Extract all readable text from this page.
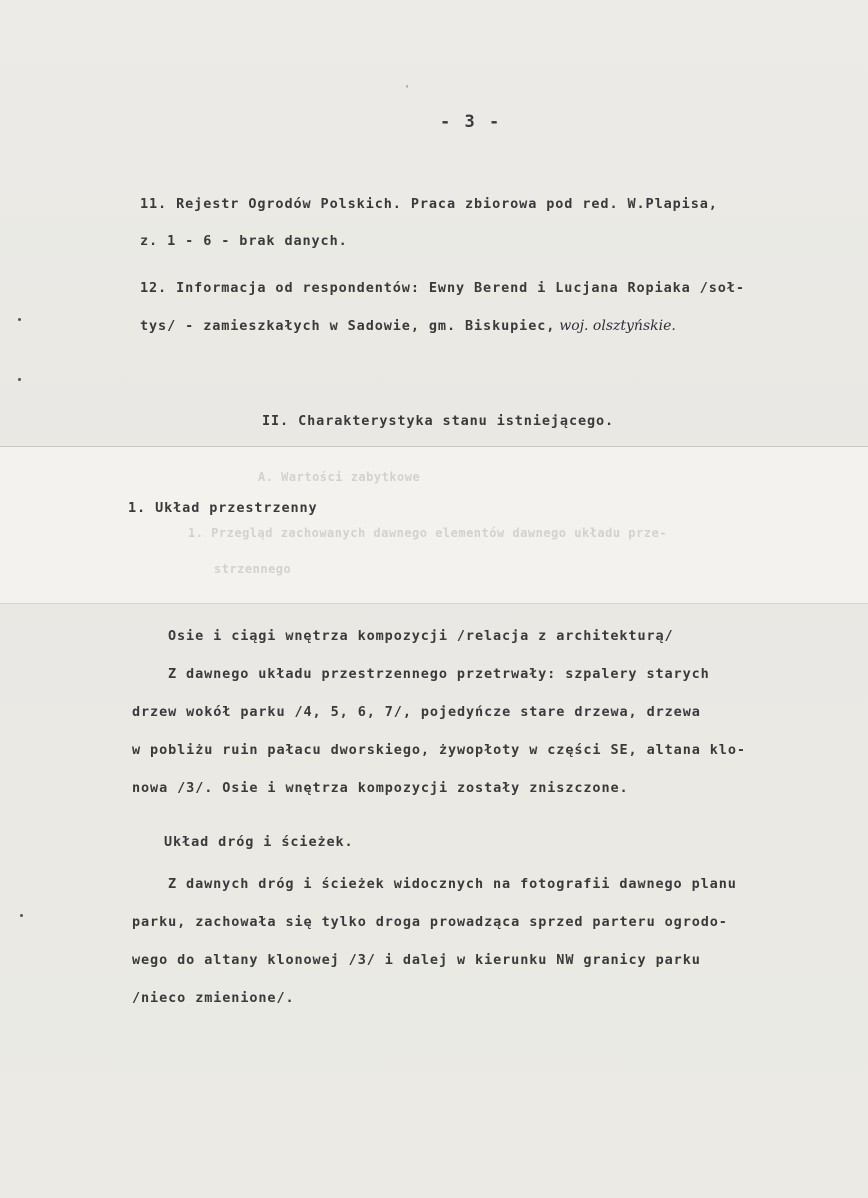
A. Wartości zabytkowe
1. Przegląd zachowanych dawnego elementów dawnego układu prze-
strzennego
- 3 -
11. Rejestr Ogrodów Polskich. Praca zbiorowa pod red. W.Plapisa,
z. 1 - 6 - brak danych.
12. Informacja od respondentów: Ewny Berend i Lucjana Ropiaka /soł-
tys/ - zamieszkałych w Sadowie, gm. Biskupiec, woj. olsztyńskie.
II. Charakterystyka stanu istniejącego.
1. Układ przestrzenny
Osie i ciągi wnętrza kompozycji /relacja z architekturą/
Z dawnego układu przestrzennego przetrwały: szpalery starych
drzew wokół parku /4, 5, 6, 7/, pojedyńcze stare drzewa, drzewa
w pobliżu ruin pałacu dworskiego, żywopłoty w części SE, altana klo-
nowa /3/. Osie i wnętrza kompozycji zostały zniszczone.
Układ dróg i ścieżek.
Z dawnych dróg i ścieżek widocznych na fotografii dawnego planu
parku, zachowała się tylko droga prowadząca sprzed parteru ogrodo-
wego do altany klonowej /3/ i dalej w kierunku NW granicy parku
/nieco zmienione/.
'
